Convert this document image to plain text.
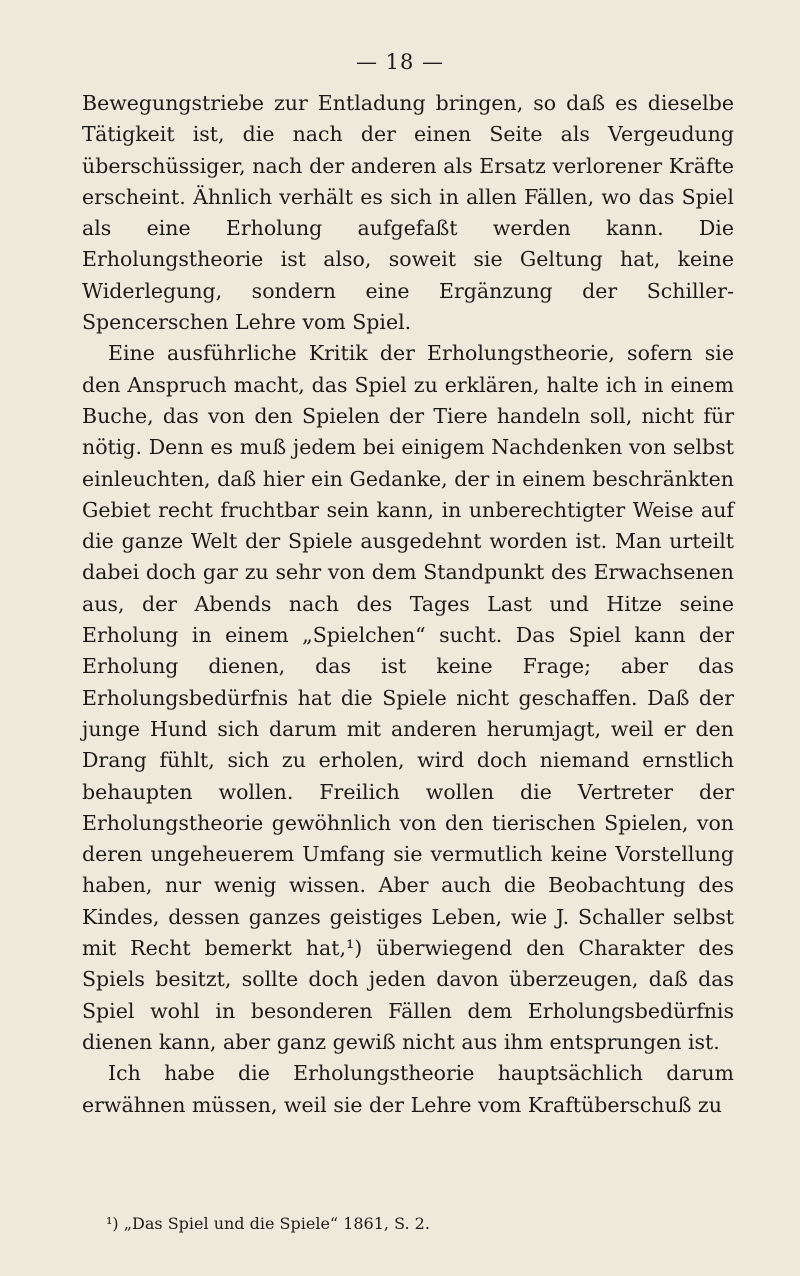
— 18 —

Bewegungstriebe zur Entladung bringen, so daß es dieselbe Tätigkeit ist, die nach der einen Seite als Vergeudung überschüssiger, nach der anderen als Ersatz verlorener Kräfte erscheint. Ähnlich verhält es sich in allen Fällen, wo das Spiel als eine Erholung aufgefaßt werden kann. Die Erholungstheorie ist also, soweit sie Geltung hat, keine Widerlegung, sondern eine Ergänzung der Schiller-Spencerschen Lehre vom Spiel.

Eine ausführliche Kritik der Erholungstheorie, sofern sie den Anspruch macht, das Spiel zu erklären, halte ich in einem Buche, das von den Spielen der Tiere handeln soll, nicht für nötig. Denn es muß jedem bei einigem Nachdenken von selbst einleuchten, daß hier ein Gedanke, der in einem beschränkten Gebiet recht fruchtbar sein kann, in unberechtigter Weise auf die ganze Welt der Spiele ausgedehnt worden ist. Man urteilt dabei doch gar zu sehr von dem Standpunkt des Erwachsenen aus, der Abends nach des Tages Last und Hitze seine Erholung in einem „Spielchen“ sucht. Das Spiel kann der Erholung dienen, das ist keine Frage; aber das Erholungsbedürfnis hat die Spiele nicht geschaffen. Daß der junge Hund sich darum mit anderen herumjagt, weil er den Drang fühlt, sich zu erholen, wird doch niemand ernstlich behaupten wollen. Freilich wollen die Vertreter der Erholungstheorie gewöhnlich von den tierischen Spielen, von deren ungeheuerem Umfang sie vermutlich keine Vorstellung haben, nur wenig wissen. Aber auch die Beobachtung des Kindes, dessen ganzes geistiges Leben, wie J. Schaller selbst mit Recht bemerkt hat,¹) überwiegend den Charakter des Spiels besitzt, sollte doch jeden davon überzeugen, daß das Spiel wohl in besonderen Fällen dem Erholungsbedürfnis dienen kann, aber ganz gewiß nicht aus ihm entsprungen ist.

Ich habe die Erholungstheorie hauptsächlich darum erwähnen müssen, weil sie der Lehre vom Kraftüberschuß zu

¹) „Das Spiel und die Spiele“ 1861, S. 2.
